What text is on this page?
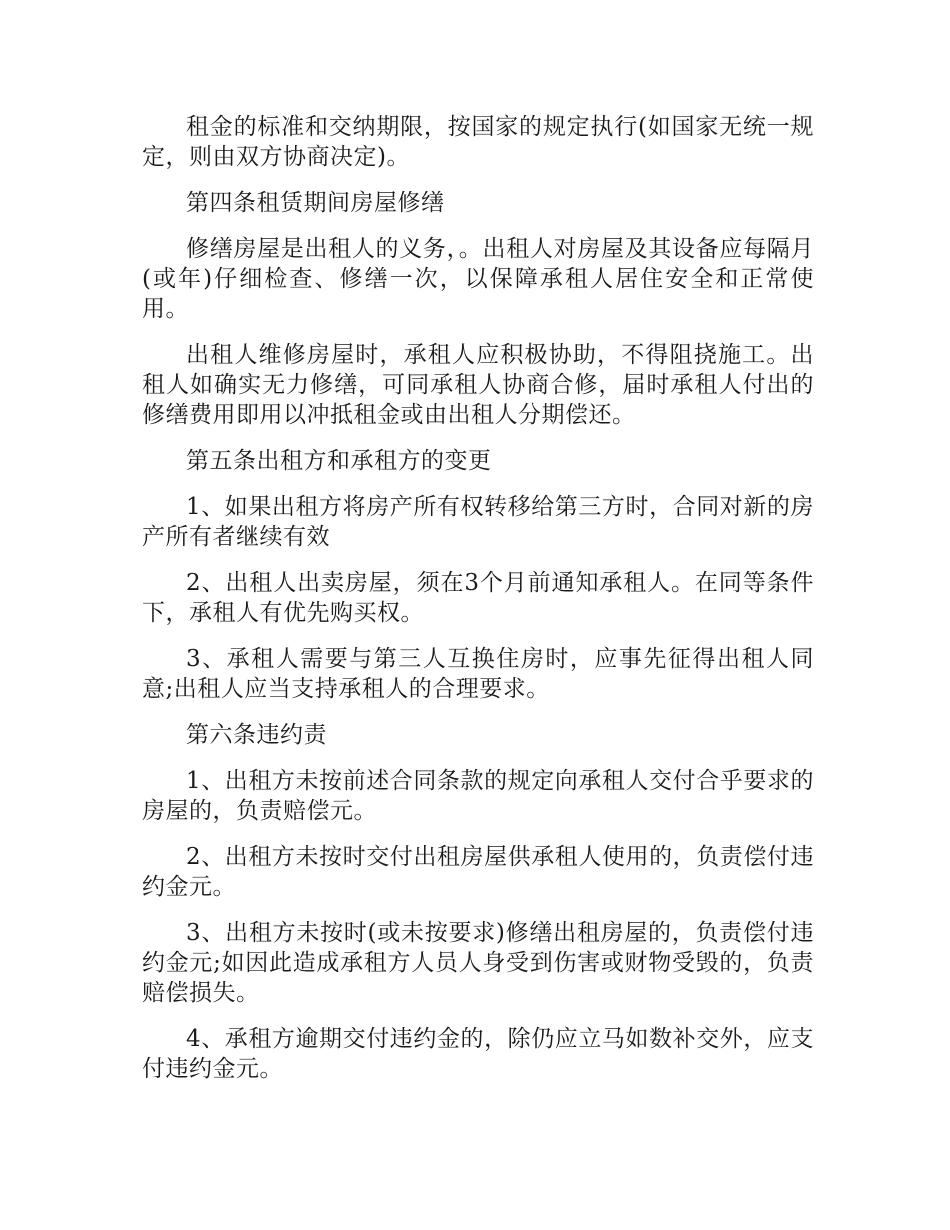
租金的标准和交纳期限，按国家的规定执行(如国家无统一规定，则由双方协商决定)。

第四条租赁期间房屋修缮

修缮房屋是出租人的义务，。出租人对房屋及其设备应每隔月(或年)仔细检查、修缮一次，以保障承租人居住安全和正常使用。

出租人维修房屋时，承租人应积极协助，不得阻挠施工。出租人如确实无力修缮，可同承租人协商合修，届时承租人付出的修缮费用即用以冲抵租金或由出租人分期偿还。

第五条出租方和承租方的变更

1、如果出租方将房产所有权转移给第三方时，合同对新的房产所有者继续有效

2、出租人出卖房屋，须在3个月前通知承租人。在同等条件下，承租人有优先购买权。

3、承租人需要与第三人互换住房时，应事先征得出租人同意;出租人应当支持承租人的合理要求。

第六条违约责

1、出租方未按前述合同条款的规定向承租人交付合乎要求的房屋的，负责赔偿元。

2、出租方未按时交付出租房屋供承租人使用的，负责偿付违约金元。

3、出租方未按时(或未按要求)修缮出租房屋的，负责偿付违约金元;如因此造成承租方人员人身受到伤害或财物受毁的，负责赔偿损失。

4、承租方逾期交付违约金的，除仍应立马如数补交外，应支付违约金元。
